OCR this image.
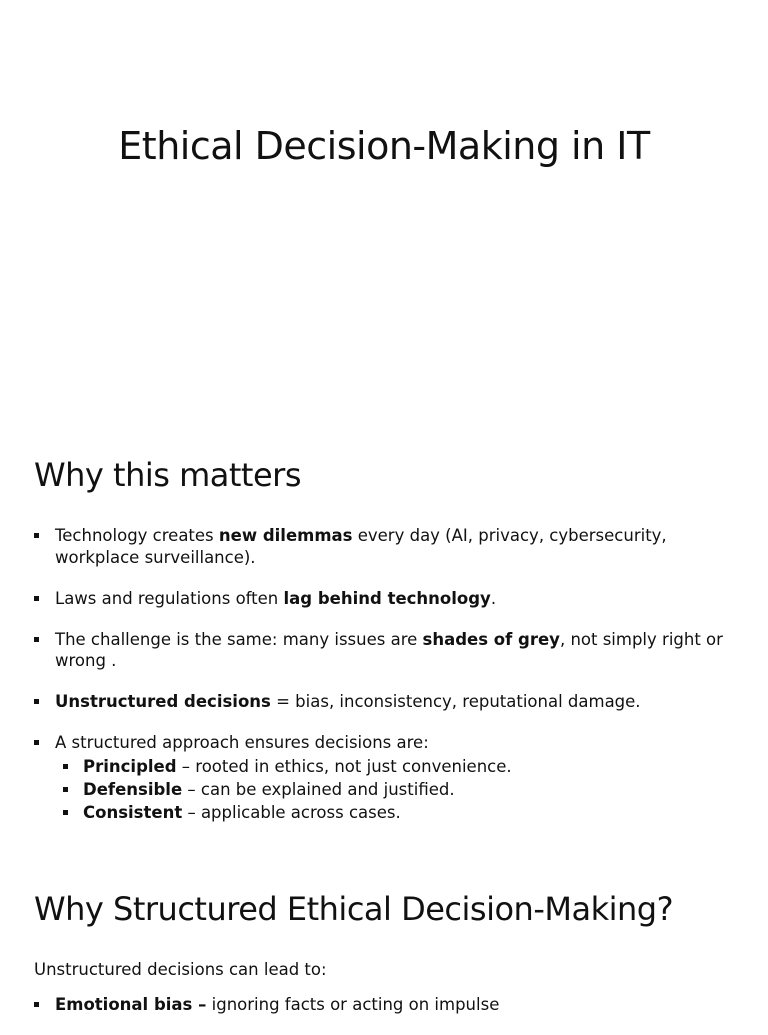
Ethical Decision-Making in IT
Why this matters
Technology creates new dilemmas every day (AI, privacy, cybersecurity, workplace surveillance).
Laws and regulations often lag behind technology.
The challenge is the same: many issues are shades of grey, not simply right or wrong .
Unstructured decisions = bias, inconsistency, reputational damage.
A structured approach ensures decisions are:
Principled – rooted in ethics, not just convenience.
Defensible – can be explained and justified.
Consistent – applicable across cases.
Why Structured Ethical Decision-Making?

Unstructured decisions can lead to:

Emotional bias – ignoring facts or acting on impulse
